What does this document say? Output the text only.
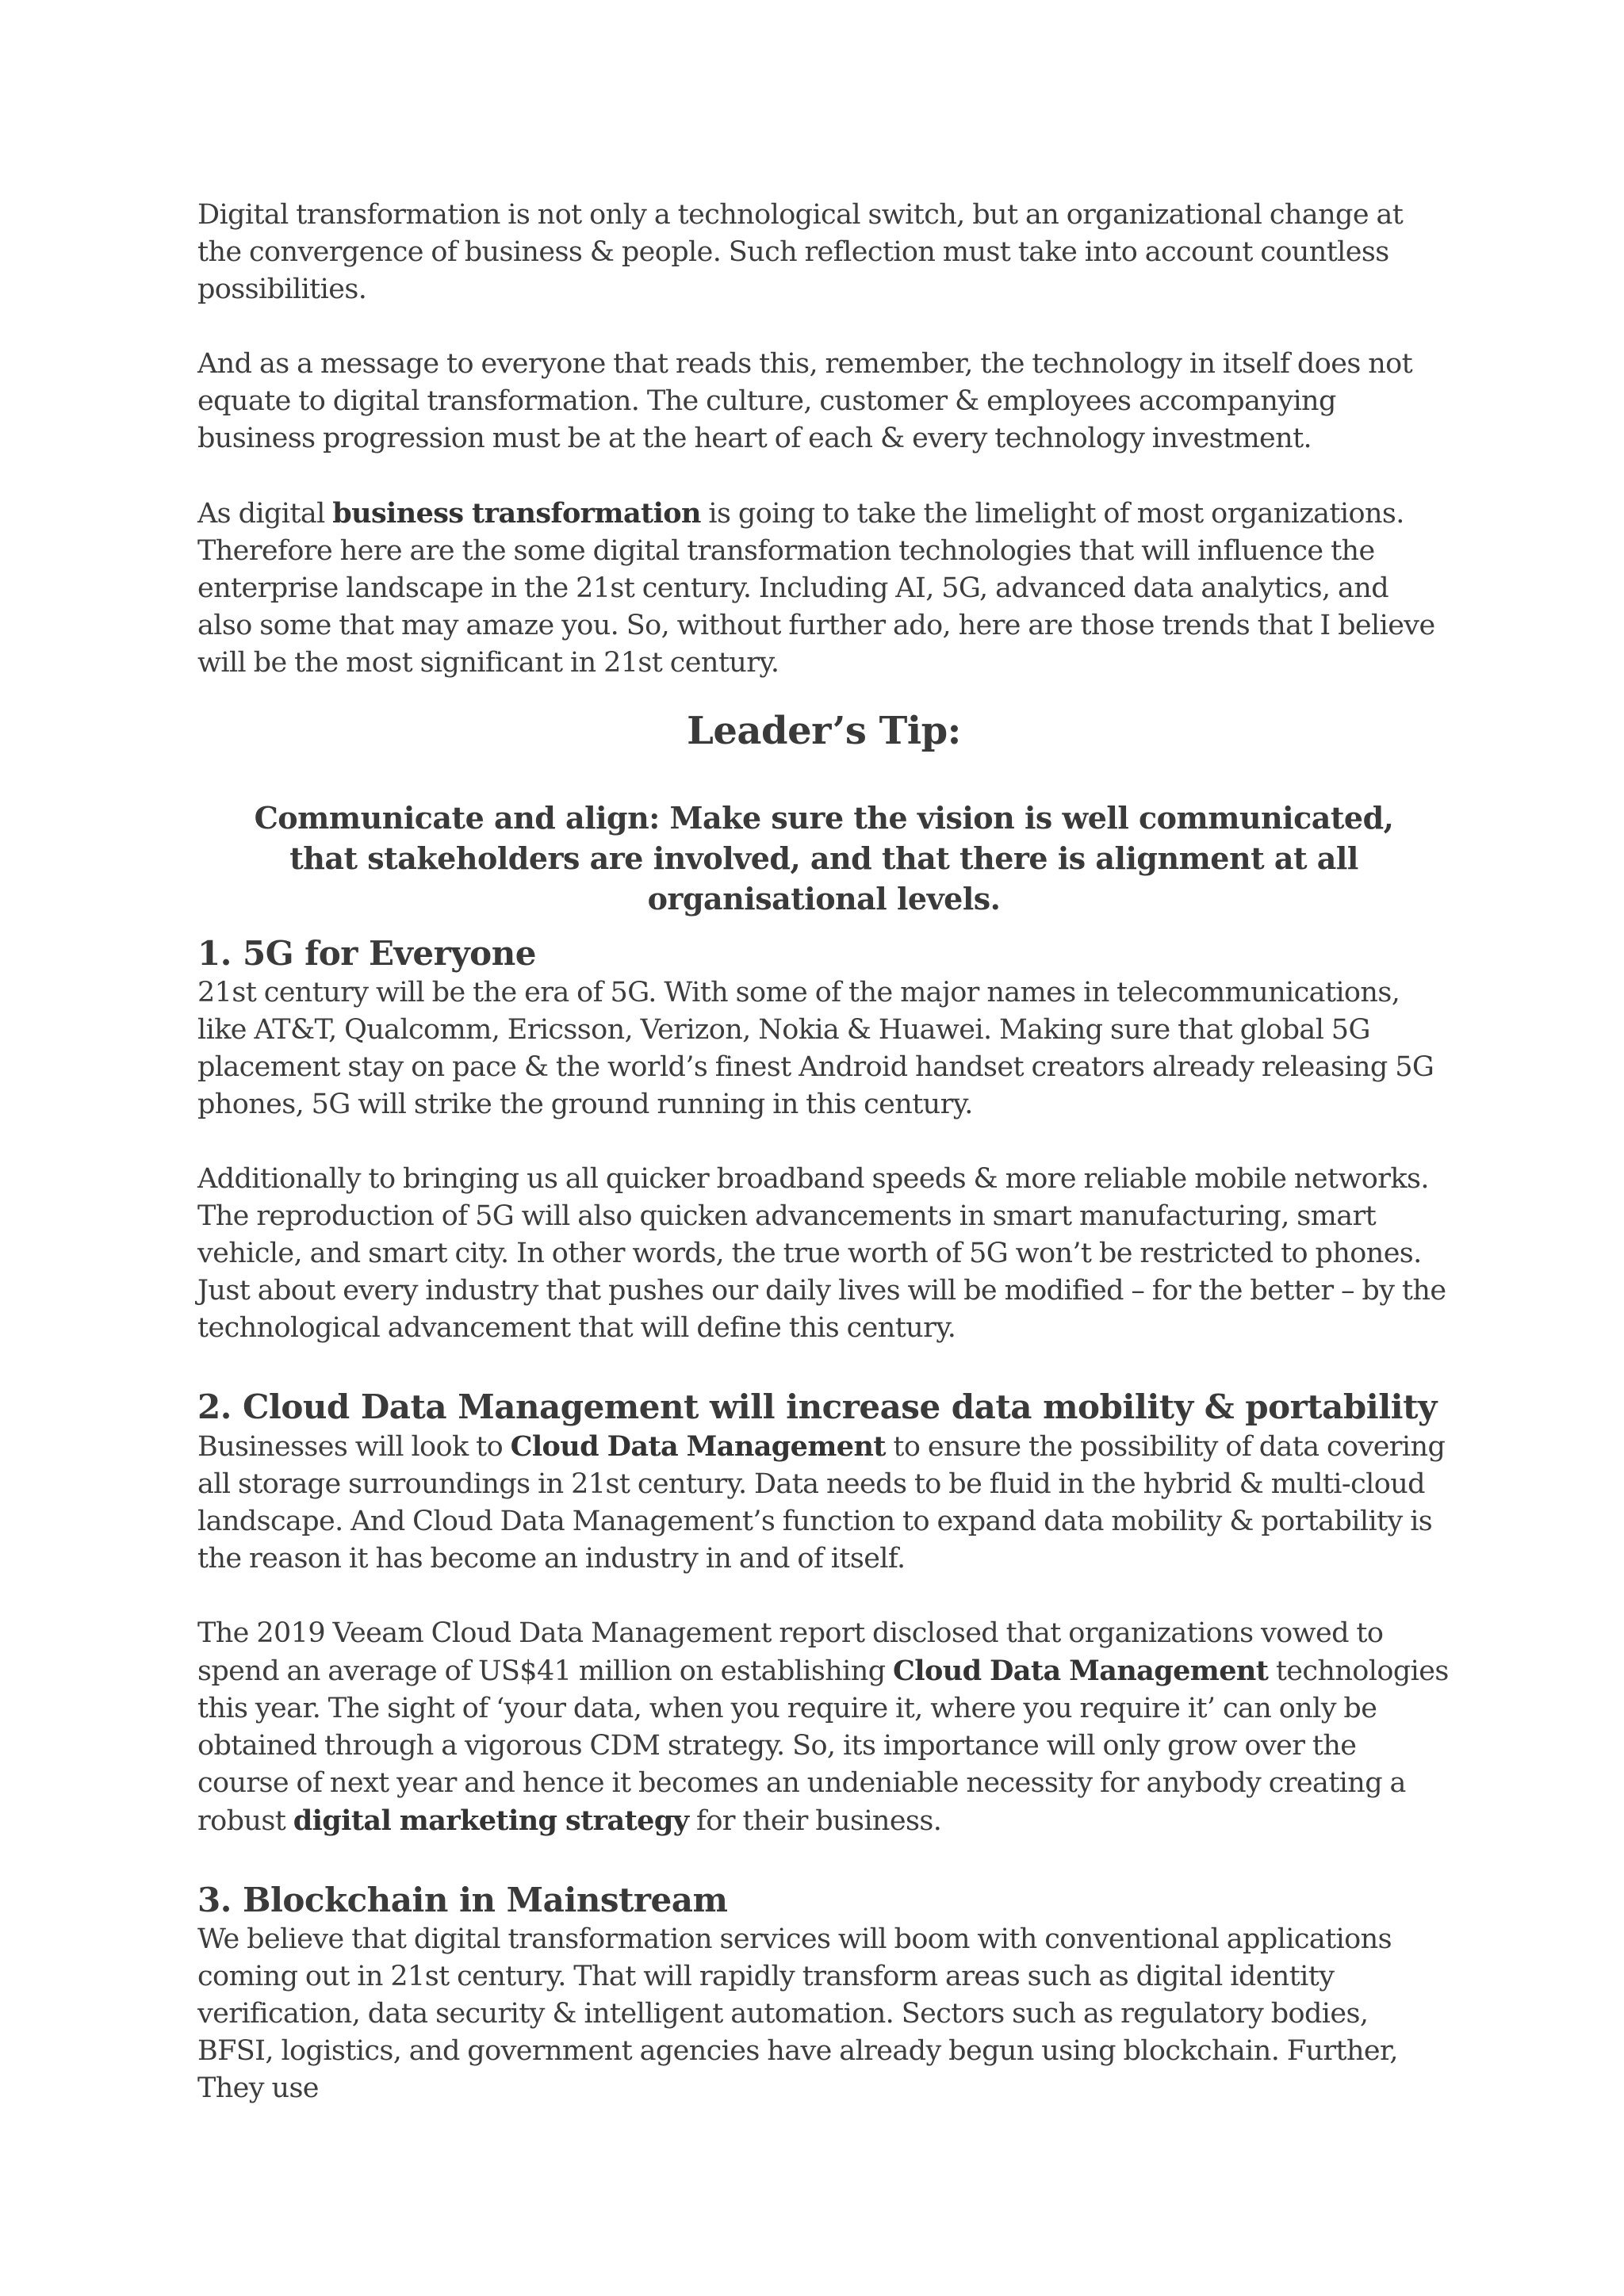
Digital transformation is not only a technological switch, but an organizational change at the convergence of business & people. Such reflection must take into account countless possibilities.

And as a message to everyone that reads this, remember, the technology in itself does not equate to digital transformation. The culture, customer & employees accompanying business progression must be at the heart of each & every technology investment.

As digital business transformation is going to take the limelight of most organizations. Therefore here are the some digital transformation technologies that will influence the enterprise landscape in the 21st century. Including AI, 5G, advanced data analytics, and also some that may amaze you. So, without further ado, here are those trends that I believe will be the most significant in 21st century.

Leader’s Tip:

Communicate and align: Make sure the vision is well communicated, that stakeholders are involved, and that there is alignment at all organisational levels.

1. 5G for Everyone

21st century will be the era of 5G. With some of the major names in telecommunications, like AT&T, Qualcomm, Ericsson, Verizon, Nokia & Huawei. Making sure that global 5G placement stay on pace & the world’s finest Android handset creators already releasing 5G phones, 5G will strike the ground running in this century.

Additionally to bringing us all quicker broadband speeds & more reliable mobile networks. The reproduction of 5G will also quicken advancements in smart manufacturing, smart vehicle, and smart city. In other words, the true worth of 5G won’t be restricted to phones. Just about every industry that pushes our daily lives will be modified – for the better – by the technological advancement that will define this century.

2. Cloud Data Management will increase data mobility & portability

Businesses will look to Cloud Data Management to ensure the possibility of data covering all storage surroundings in 21st century. Data needs to be fluid in the hybrid & multi-cloud landscape. And Cloud Data Management’s function to expand data mobility & portability is the reason it has become an industry in and of itself.

The 2019 Veeam Cloud Data Management report disclosed that organizations vowed to spend an average of US$41 million on establishing Cloud Data Management technologies this year. The sight of ‘your data, when you require it, where you require it’ can only be obtained through a vigorous CDM strategy. So, its importance will only grow over the course of next year and hence it becomes an undeniable necessity for anybody creating a robust digital marketing strategy for their business.

3. Blockchain in Mainstream

We believe that digital transformation services will boom with conventional applications coming out in 21st century. That will rapidly transform areas such as digital identity verification, data security & intelligent automation. Sectors such as regulatory bodies, BFSI, logistics, and government agencies have already begun using blockchain. Further, They use
